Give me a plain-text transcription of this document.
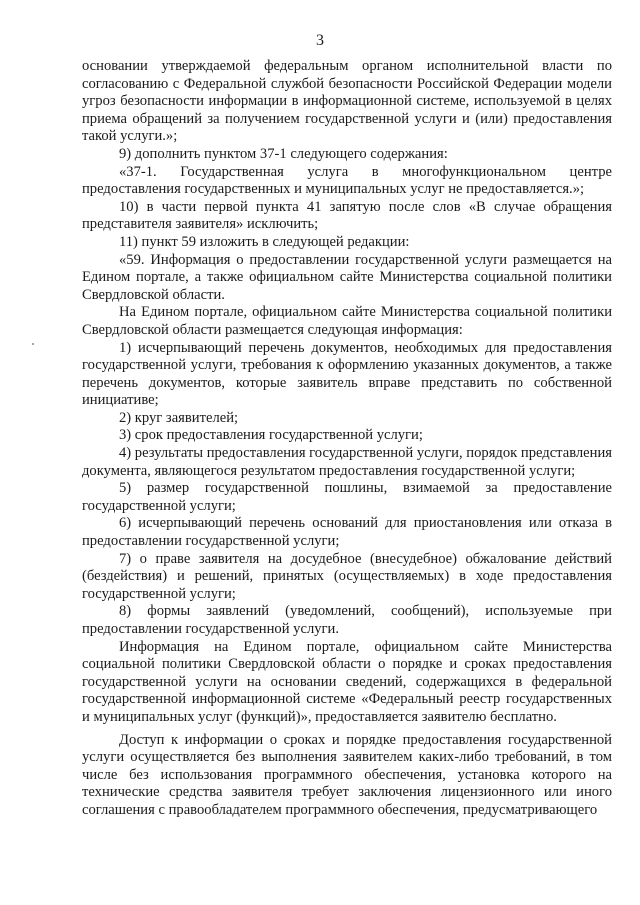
3

основании утверждаемой федеральным органом исполнительной власти по согласованию с Федеральной службой безопасности Российской Федерации модели угроз безопасности информации в информационной системе, используемой в целях приема обращений за получением государственной услуги и (или) предоставления такой услуги.»;

9) дополнить пунктом 37-1 следующего содержания:

«37-1. Государственная услуга в многофункциональном центре предоставления государственных и муниципальных услуг не предоставляется.»;

10) в части первой пункта 41 запятую после слов «В случае обращения представителя заявителя» исключить;

11) пункт 59 изложить в следующей редакции:

«59. Информация о предоставлении государственной услуги размещается на Едином портале, а также официальном сайте Министерства социальной политики Свердловской области.

На Едином портале, официальном сайте Министерства социальной политики Свердловской области размещается следующая информация:

1) исчерпывающий перечень документов, необходимых для предоставления государственной услуги, требования к оформлению указанных документов, а также перечень документов, которые заявитель вправе представить по собственной инициативе;

2) круг заявителей;

3) срок предоставления государственной услуги;

4) результаты предоставления государственной услуги, порядок представления документа, являющегося результатом предоставления государственной услуги;

5) размер государственной пошлины, взимаемой за предоставление государственной услуги;

6) исчерпывающий перечень оснований для приостановления или отказа в предоставлении государственной услуги;

7) о праве заявителя на досудебное (внесудебное) обжалование действий (бездействия) и решений, принятых (осуществляемых) в ходе предоставления государственной услуги;

8) формы заявлений (уведомлений, сообщений), используемые при предоставлении государственной услуги.

Информация на Едином портале, официальном сайте Министерства социальной политики Свердловской области о порядке и сроках предоставления государственной услуги на основании сведений, содержащихся в федеральной государственной информационной системе «Федеральный реестр государственных и муниципальных услуг (функций)», предоставляется заявителю бесплатно.

Доступ к информации о сроках и порядке предоставления государственной услуги осуществляется без выполнения заявителем каких-либо требований, в том числе без использования программного обеспечения, установка которого на технические средства заявителя требует заключения лицензионного или иного соглашения с правообладателем программного обеспечения, предусматривающего
